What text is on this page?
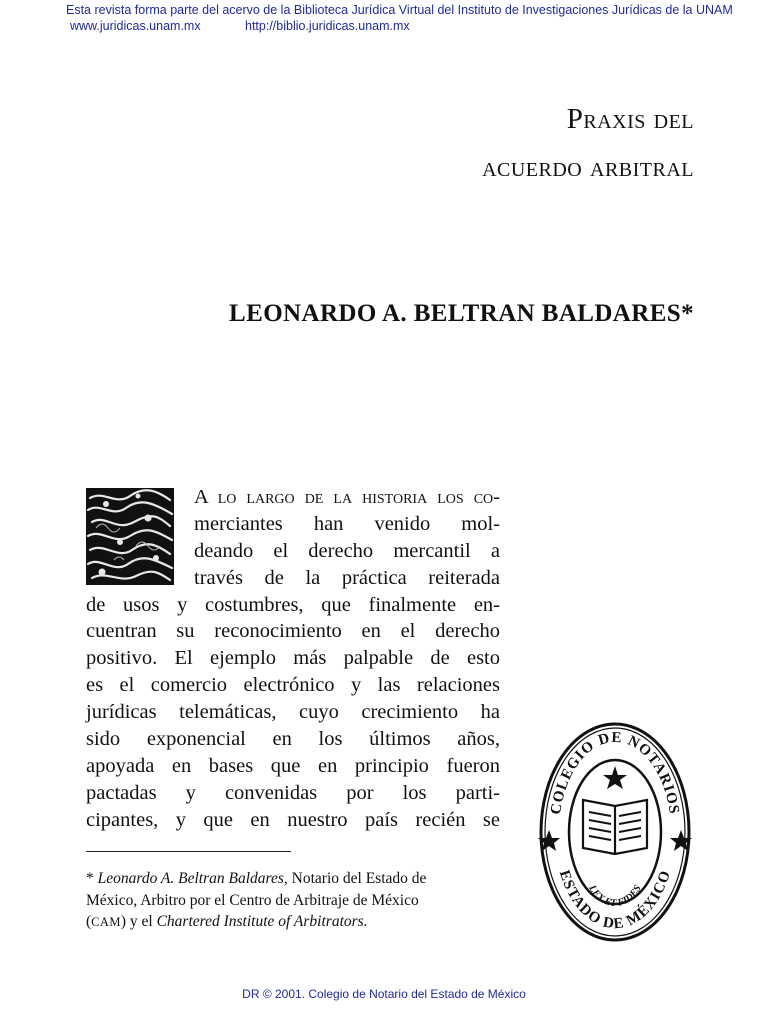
Esta revista forma parte del acervo de la Biblioteca Jurídica Virtual del Instituto de Investigaciones Jurídicas de la UNAM
www.juridicas.unam.mx	http://biblio.juridicas.unam.mx
Praxis del
acuerdo arbitral
LEONARDO A. BELTRAN BALDARES*
A lo largo de la historia los co-
merciantes han venido mol-
deando el derecho mercantil a
través de la práctica reiterada
de usos y costumbres, que finalmente en-
cuentran su reconocimiento en el derecho
positivo. El ejemplo más palpable de esto
es el comercio electrónico y las relaciones
jurídicas telemáticas, cuyo crecimiento ha
sido exponencial en los últimos años,
apoyada en bases que en principio fueron
pactadas y convenidas por los parti-
cipantes, y que en nuestro país recién se
* Leonardo A. Beltran Baldares, Notario del Estado de
México, Arbitro por el Centro de Arbitraje de México
(CAM) y el Chartered Institute of Arbitrators.
COLEGIO DE NOTARIOS
ESTADO DE MÉXICO
LEX ET FIDES
DR © 2001. Colegio de Notario del Estado de México
